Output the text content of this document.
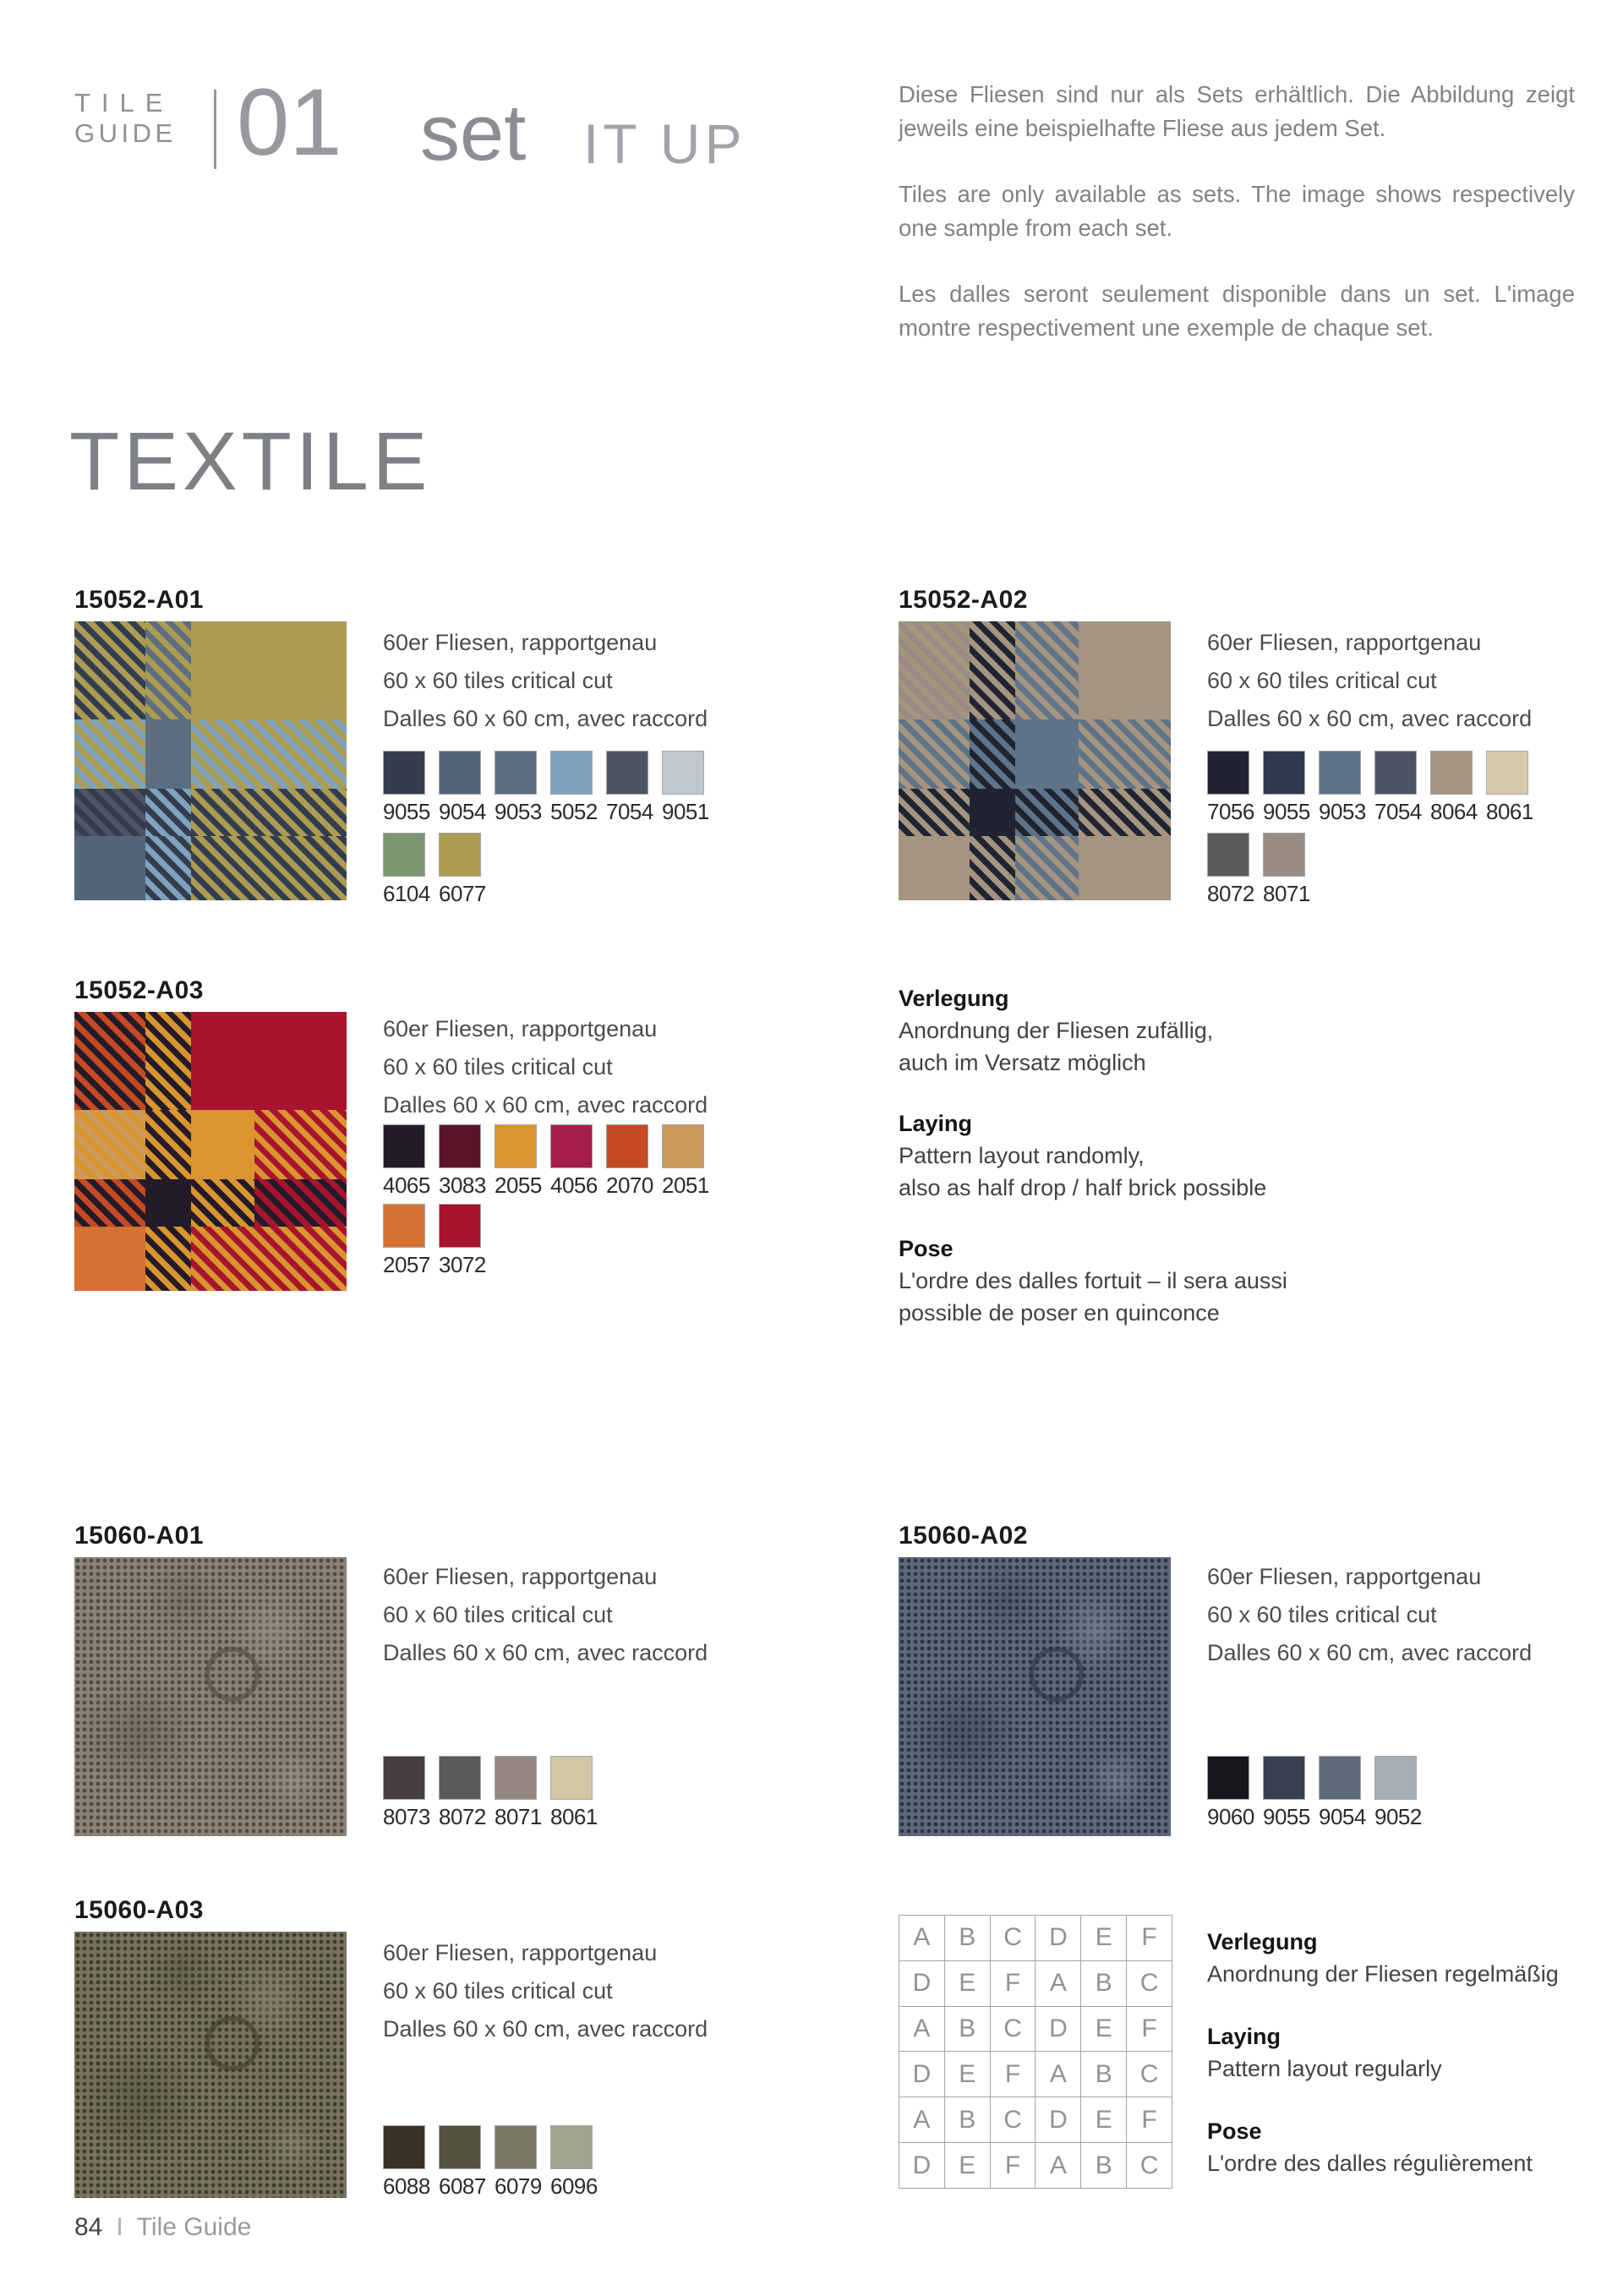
TILE
GUIDE 01 set IT UP

Diese Fliesen sind nur als Sets erhältlich. Die Abbildung zeigt jeweils eine beispielhafte Fliese aus jedem Set.

Tiles are only available as sets. The image shows respectively one sample from each set.

Les dalles seront seulement disponible dans un set. L'image montre respectivement une exemple de chaque set.

TEXTILE
15052-A01

60er Fliesen, rapportgenau

60 x 60 tiles critical cut

Dalles 60 x 60 cm, avec raccord

9055 9054 9053 5052 7054 9051
6104 6077
15052-A02

60er Fliesen, rapportgenau

60 x 60 tiles critical cut

Dalles 60 x 60 cm, avec raccord

7056 9055 9053 7054 8064 8061
8072 8071
15052-A03

60er Fliesen, rapportgenau

60 x 60 tiles critical cut

Dalles 60 x 60 cm, avec raccord

4065 3083 2055 4056 2070 2051
2057 3072
15060-A01

60er Fliesen, rapportgenau

60 x 60 tiles critical cut

Dalles 60 x 60 cm, avec raccord

8073 8072 8071 8061
15060-A02

60er Fliesen, rapportgenau

60 x 60 tiles critical cut

Dalles 60 x 60 cm, avec raccord

9060 9055 9054 9052
15060-A03

60er Fliesen, rapportgenau

60 x 60 tiles critical cut

Dalles 60 x 60 cm, avec raccord

6088 6087 6079 6096

Verlegung

Anordnung der Fliesen zufällig,

auch im Versatz möglich

Laying

Pattern layout randomly,

also as half drop / half brick possible

Pose

L'ordre des dalles fortuit – il sera aussi

possible de poser en quinconce

A	B	C	D	E	F
D	E	F	A	B	C
A	B	C	D	E	F
D	E	F	A	B	C
A	B	C	D	E	F
D	E	F	A	B	C

Verlegung

Anordnung der Fliesen regelmäßig

Laying

Pattern layout regularly

Pose

L'ordre des dalles régulièrement

84 I Tile Guide
